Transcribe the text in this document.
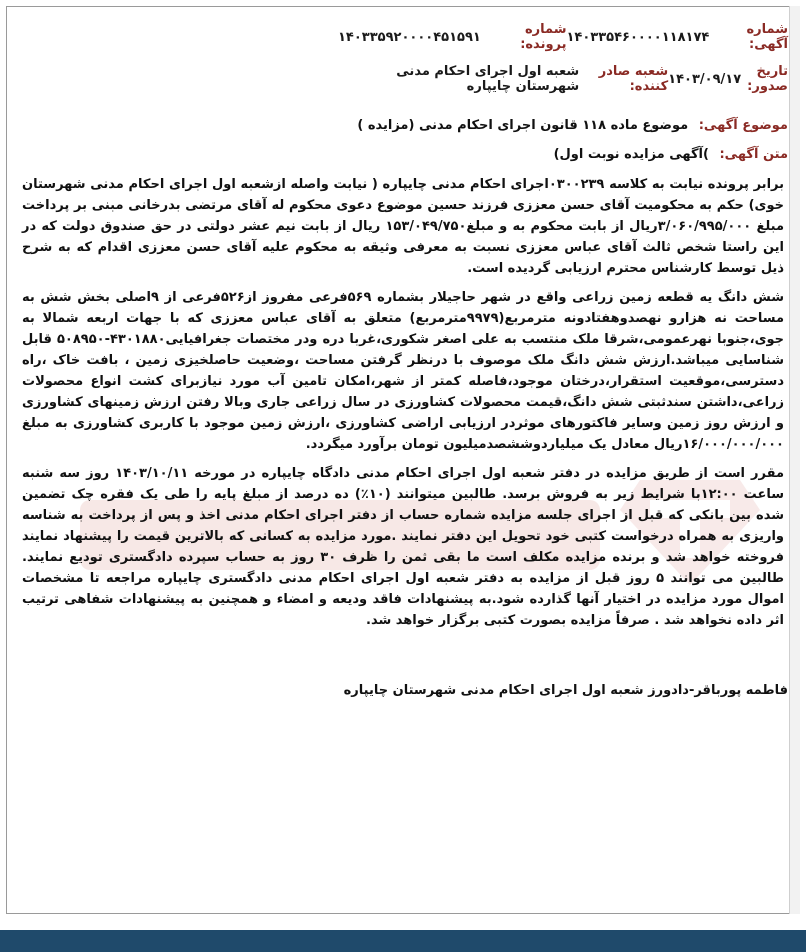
شماره آگهی:
۱۴۰۳۳۵۴۶۰۰۰۰۱۱۸۱۷۴
شماره پرونده:
۱۴۰۳۳۵۹۲۰۰۰۰۴۵۱۵۹۱
تاریخ صدور:
۱۴۰۳/۰۹/۱۷
شعبه صادر کننده:
شعبه اول اجرای احکام مدنی شهرستان چایپاره
موضوع آگهی: موضوع ماده ۱۱۸ قانون اجرای احکام مدنی (مزایده )
متن آگهی: )آگهی مزایده نوبت اول)

برابر پرونده نیابت به کلاسه ۰۳۰۰۲۳۹اجرای احکام مدنی چایپاره ( نیابت واصله ازشعبه اول اجرای احکام مدنی شهرستان خوی) حکم به محکومیت آقای حسن معززی فرزند حسین موضوع دعوی محکوم له آقای مرتضی بدرخانی مبنی بر پرداخت مبلغ ۳/۰۶۰/۹۹۵/۰۰۰ریال از بابت محکوم به و مبلغ۱۵۳/۰۴۹/۷۵۰ ریال از بابت نیم عشر دولتی در حق صندوق دولت که در این راستا شخص ثالث آقای عباس معززی نسبت به معرفی وثیقه به محکوم علیه آقای حسن معززی اقدام که به شرح ذیل توسط کارشناس محترم ارزیابی گردیده است.

شش دانگ یه قطعه زمین زراعی واقع در شهر حاجیلار بشماره ۵۶۹فرعی مفروز از۵۲۶فرعی از ۹اصلی بخش شش به مساحت نه هزارو نهصدوهفتادونه مترمربع(۹۹۷۹مترمربع) متعلق به آقای عباس معززی که با جهات اربعه شمالا به جوی،جنوبا نهرعمومی،شرقا ملک منتسب به علی اصغر شکوری،غربا دره ودر مختصات جغرافیایی۴۳۰۱۸۸۰-۵۰۸۹۵۰ قابل شناسایی میباشد.ارزش شش دانگ ملک موصوف با درنظر گرفتن مساحت ،وضعیت حاصلخیزی زمین ، بافت خاک ،راه دسترسی،موقعیت استقرار،درختان موجود،فاصله کمتر از شهر،امکان تامین آب مورد نیازبرای کشت انواع محصولات زراعی،داشتن سندثبتی شش دانگ،قیمت محصولات کشاورزی در سال زراعی جاری وبالا رفتن ارزش زمینهای کشاورزی و ارزش روز زمین وسایر فاکتورهای موثردر ارزیابی اراضی کشاورزی ،ارزش زمین موجود با کاربری کشاورزی به مبلغ ۱۶/۰۰۰/۰۰۰/۰۰۰ریال معادل یک میلیاردوششصدمیلیون تومان برآورد میگردد.

مقرر است از طریق مزایده در دفتر شعبه اول اجرای احکام مدنی دادگاه چایپاره در مورخه ۱۴۰۳/۱۰/۱۱ روز سه شنبه ساعت ۱۲:۰۰با شرایط زیر به فروش برسد. طالبین میتوانند (۱۰٪) ده درصد از مبلغ پایه را طی یک فقره چک تضمین شده بین بانکی که قبل از اجرای جلسه مزایده شماره حساب از دفتر اجرای احکام مدنی اخذ و پس از پرداخت به شناسه واریزی به همراه درخواست کتبی خود تحویل این دفتر نمایند .مورد مزایده به کسانی که بالاترین قیمت را پیشنهاد نمایند فروخته خواهد شد و برنده مزایده مکلف است ما بقی ثمن را ظرف ۳۰ روز به حساب سپرده دادگستری تودیع نمایند. طالبین می توانند ۵ روز قبل از مزایده به دفتر شعبه اول اجرای احکام مدنی دادگستری چایپاره مراجعه تا مشخصات اموال مورد مزایده در اختیار آنها گذارده شود.به پیشنهادات فاقد ودیعه و امضاء و همچنین به پیشنهادات شفاهی ترتیب اثر داده نخواهد شد . صرفاً مزایده بصورت کتبی برگزار خواهد شد.

فاطمه پورباقر-دادورز شعبه اول اجرای احکام مدنی شهرستان چایپاره
